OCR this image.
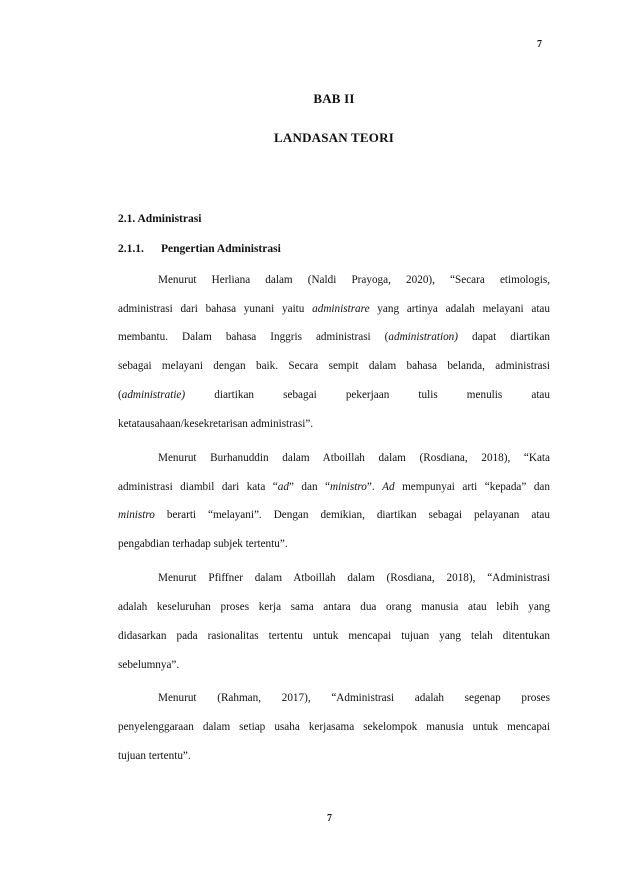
7
BAB II
LANDASAN TEORI
2.1. Administrasi
2.1.1. Pengertian Administrasi
Menurut Herliana dalam (Naldi Prayoga, 2020), “Secara etimologis,
administrasi dari bahasa yunani yaitu administrare yang artinya adalah melayani atau
membantu. Dalam bahasa Inggris administrasi (administration) dapat diartikan
sebagai melayani dengan baik. Secara sempit dalam bahasa belanda, administrasi
(administratie) diartikan sebagai pekerjaan tulis menulis atau
ketatausahaan/kesekretarisan administrasi”.
Menurut Burhanuddin dalam Atboillah dalam (Rosdiana, 2018), “Kata
administrasi diambil dari kata “ad” dan “ministro”. Ad mempunyai arti “kepada” dan
ministro berarti “melayani”. Dengan demikian, diartikan sebagai pelayanan atau
pengabdian terhadap subjek tertentu”.
Menurut Pfiffner dalam Atboillah dalam (Rosdiana, 2018), “Administrasi
adalah keseluruhan proses kerja sama antara dua orang manusia atau lebih yang
didasarkan pada rasionalitas tertentu untuk mencapai tujuan yang telah ditentukan
sebelumnya”.
Menurut (Rahman, 2017), “Administrasi adalah segenap proses
penyelenggaraan dalam setiap usaha kerjasama sekelompok manusia untuk mencapai
tujuan tertentu”.
7
